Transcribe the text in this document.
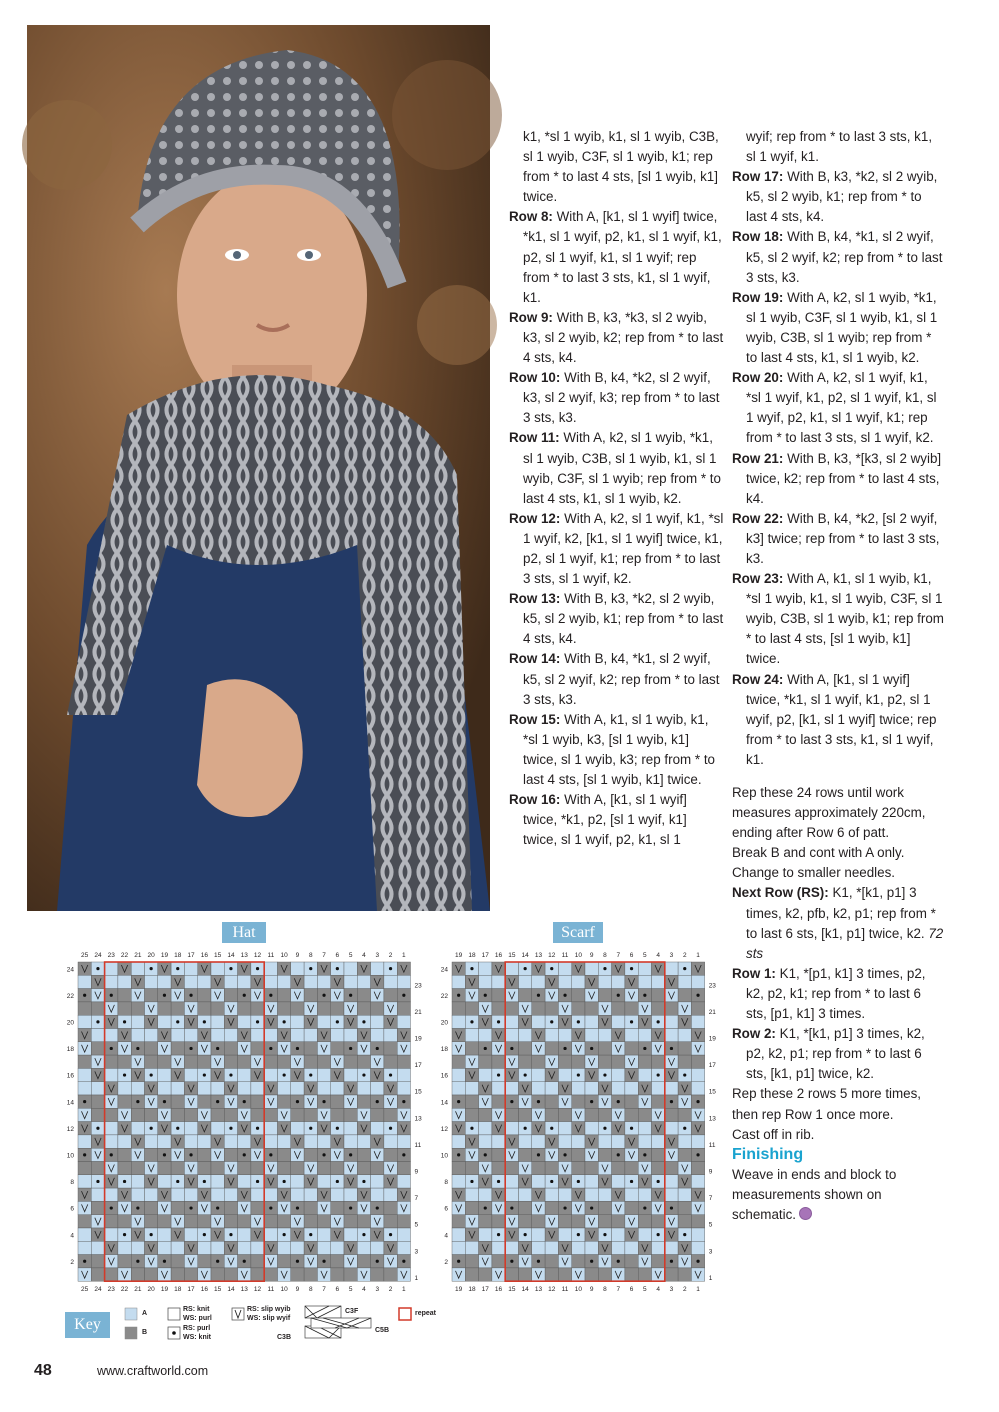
k1, *sl 1 wyib, k1, sl 1 wyib, C3B, sl 1 wyib, C3F, sl 1 wyib, k1; rep from * to last 4 sts, [sl 1 wyib, k1] twice.

Row 8: With A, [k1, sl 1 wyif] twice, *k1, sl 1 wyif, p2, k1, sl 1 wyif, k1, p2, sl 1 wyif, k1, sl 1 wyif; rep from * to last 3 sts, k1, sl 1 wyif, k1.

Row 9: With B, k3, *k3, sl 2 wyib, k3, sl 2 wyib, k2; rep from * to last 4 sts, k4.

Row 10: With B, k4, *k2, sl 2 wyif, k3, sl 2 wyif, k3; rep from * to last 3 sts, k3.

Row 11: With A, k2, sl 1 wyib, *k1, sl 1 wyib, C3B, sl 1 wyib, k1, sl 1 wyib, C3F, sl 1 wyib; rep from * to last 4 sts, k1, sl 1 wyib, k2.

Row 12: With A, k2, sl 1 wyif, k1, *sl 1 wyif, k2, [k1, sl 1 wyif] twice, k1, p2, sl 1 wyif, k1; rep from * to last 3 sts, sl 1 wyif, k2.

Row 13: With B, k3, *k2, sl 2 wyib, k5, sl 2 wyib, k1; rep from * to last 4 sts, k4.

Row 14: With B, k4, *k1, sl 2 wyif, k5, sl 2 wyif, k2; rep from * to last 3 sts, k3.

Row 15: With A, k1, sl 1 wyib, k1, *sl 1 wyib, k3, [sl 1 wyib, k1] twice, sl 1 wyib, k3; rep from * to last 4 sts, [sl 1 wyib, k1] twice.

Row 16: With A, [k1, sl 1 wyif] twice, *k1, p2, [sl 1 wyif, k1] twice, sl 1 wyif, p2, k1, sl 1

wyif; rep from * to last 3 sts, k1, sl 1 wyif, k1.

Row 17: With B, k3, *k2, sl 2 wyib, k5, sl 2 wyib, k1; rep from * to last 4 sts, k4.

Row 18: With B, k4, *k1, sl 2 wyif, k5, sl 2 wyif, k2; rep from * to last 3 sts, k3.

Row 19: With A, k2, sl 1 wyib, *k1, sl 1 wyib, C3F, sl 1 wyib, k1, sl 1 wyib, C3B, sl 1 wyib; rep from * to last 4 sts, k1, sl 1 wyib, k2.

Row 20: With A, k2, sl 1 wyif, k1, *sl 1 wyif, k1, p2, sl 1 wyif, k1, sl 1 wyif, p2, k1, sl 1 wyif, k1; rep from * to last 3 sts, sl 1 wyif, k2.

Row 21: With B, k3, *[k3, sl 2 wyib] twice, k2; rep from * to last 4 sts, k4.

Row 22: With B, k4, *k2, [sl 2 wyif, k3] twice; rep from * to last 3 sts, k3.

Row 23: With A, k1, sl 1 wyib, k1, *sl 1 wyib, k1, sl 1 wyib, C3F, sl 1 wyib, C3B, sl 1 wyib, k1; rep from * to last 4 sts, [sl 1 wyib, k1] twice.

Row 24: With A, [k1, sl 1 wyif] twice, *k1, sl 1 wyif, k1, p2, sl 1 wyif, p2, [k1, sl 1 wyif] twice; rep from * to last 3 sts, k1, sl 1 wyif, k1.

Rep these 24 rows until work measures approximately 220cm, ending after Row 6 of patt.

Break B and cont with A only.

Change to smaller needles.

Next Row (RS): K1, *[k1, p1] 3 times, k2, pfb, k2, p1; rep from * to last 6 sts, [k1, p1] twice, k2. 72 sts

Row 1: K1, *[p1, k1] 3 times, p2, k2, p2, k1; rep from * to last 6 sts, [p1, k1] 3 times.

Row 2: K1, *[k1, p1] 3 times, k2, p2, k2, p1; rep from * to last 6 sts, [k1, p1] twice, k2.

Rep these 2 rows 5 more times, then rep Row 1 once more.

Cast off in rib.

Finishing

Weave in ends and block to measurements shown on schematic.

Hat	Scarf
25
25
24
24
23
23
22
22
21
21
20
20
19
19
18
18
17
17
16
16
15
15
14
14
13
13
12
12
11
11
10
10
9
9
8
8
7
7
6
6
5
5
4
4
3
3
2
2
1
1
24
23
22
21
20
19
18
17
16
15
14
13
12
11
10
9
8
7
6
5
4
3
2
1
19
19
18
18
17
17
16
16
15
15
14
14
13
13
12
12
11
11
10
10
9
9
8
8
7
7
6
6
5
5
4
4
3
3
2
2
1
1
24
23
22
21
20
19
18
17
16
15
14
13
12
11
10
9
8
7
6
5
4
3
2
1
Key
A
B
RS: knit
WS: purl
RS: purl
WS: knit
RS: slip wyib
WS: slip wyif
C3F
C3B
C5B
repeat
48	www.craftworld.com
